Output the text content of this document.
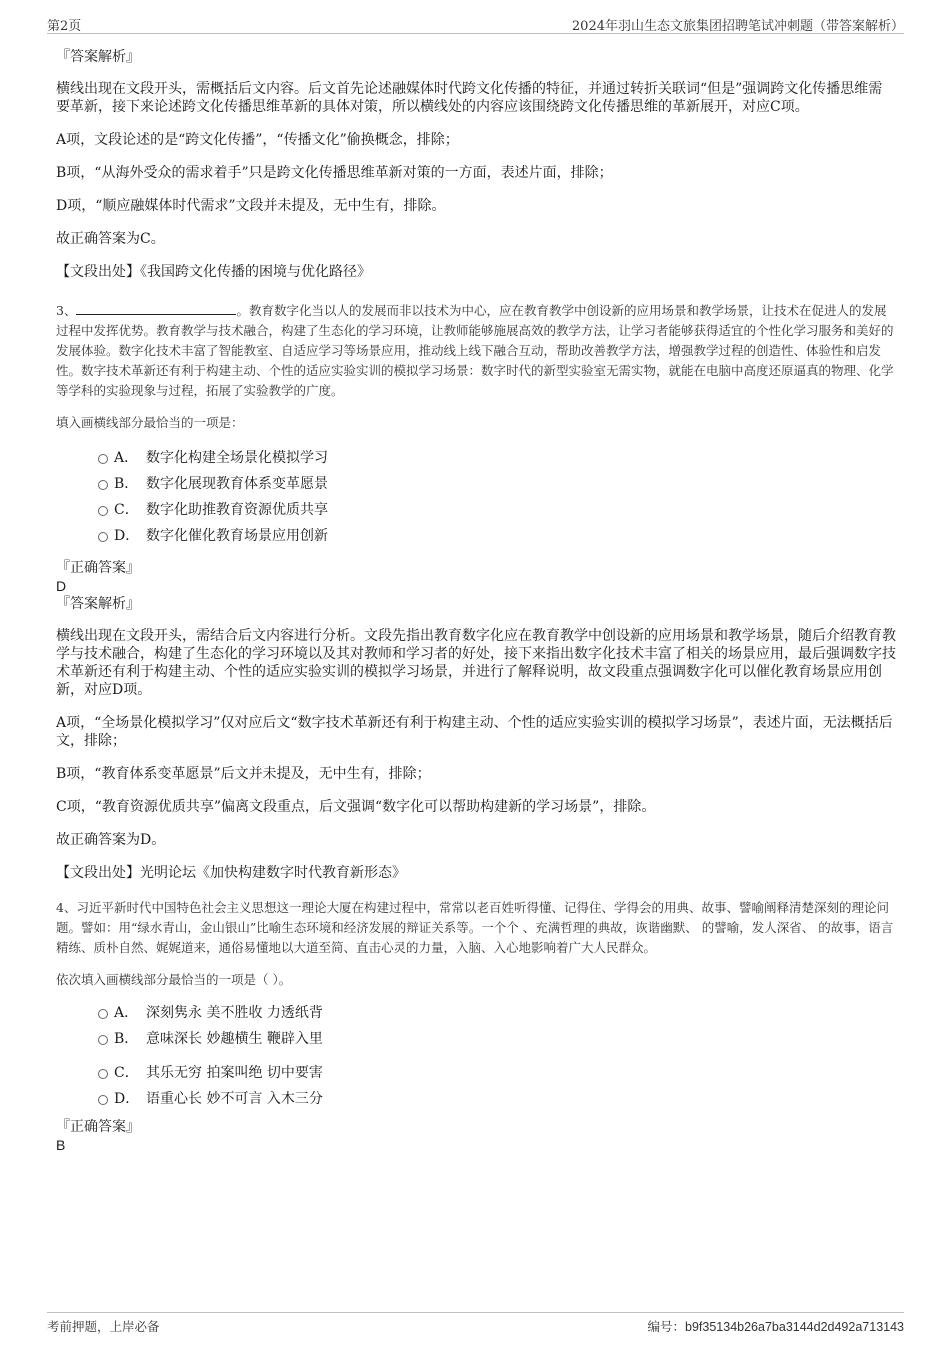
第2页	2024年羽山生态文旅集团招聘笔试冲刺题（带答案解析）

『答案解析』

横线出现在文段开头，需概括后文内容。后文首先论述融媒体时代跨文化传播的特征，并通过转折关联词“但是”强调跨文化传播思维需要革新，接下来论述跨文化传播思维革新的具体对策，所以横线处的内容应该围绕跨文化传播思维的革新展开，对应C项。

A项，文段论述的是“跨文化传播”，“传播文化”偷换概念，排除；

B项，“从海外受众的需求着手”只是跨文化传播思维革新对策的一方面，表述片面，排除；

D项，“顺应融媒体时代需求”文段并未提及，无中生有，排除。

故正确答案为C。

【文段出处】《我国跨文化传播的困境与优化路径》

3、	。教育数字化当以人的发展而非以技术为中心，应在教育教学中创设新的应用场景和教学场景，让技术在促进人的发展过程中发挥优势。教育教学与技术融合，构建了生态化的学习环境，让教师能够施展高效的教学方法，让学习者能够获得适宜的个性化学习服务和美好的发展体验。数字化技术丰富了智能教室、自适应学习等场景应用，推动线上线下融合互动，帮助改善教学方法，增强教学过程的创造性、体验性和启发性。数字技术革新还有利于构建主动、个性的适应实验实训的模拟学习场景：数字时代的新型实验室无需实物，就能在电脑中高度还原逼真的物理、化学等学科的实验现象与过程，拓展了实验教学的广度。

填入画横线部分最恰当的一项是：

A． 数字化构建全场景化模拟学习
B． 数字化展现教育体系变革愿景
C． 数字化助推教育资源优质共享
D． 数字化催化教育场景应用创新

『正确答案』

D

『答案解析』

横线出现在文段开头，需结合后文内容进行分析。文段先指出教育数字化应在教育教学中创设新的应用场景和教学场景，随后介绍教育教学与技术融合，构建了生态化的学习环境以及其对教师和学习者的好处，接下来指出数字化技术丰富了相关的场景应用，最后强调数字技术革新还有利于构建主动、个性的适应实验实训的模拟学习场景，并进行了解释说明，故文段重点强调数字化可以催化教育场景应用创新，对应D项。

A项，“全场景化模拟学习”仅对应后文“数字技术革新还有利于构建主动、个性的适应实验实训的模拟学习场景”，表述片面，无法概括后文，排除；

B项，“教育体系变革愿景”后文并未提及，无中生有，排除；

C项，“教育资源优质共享”偏离文段重点，后文强调“数字化可以帮助构建新的学习场景”，排除。

故正确答案为D。

【文段出处】光明论坛《加快构建数字时代教育新形态》

4、习近平新时代中国特色社会主义思想这一理论大厦在构建过程中，常常以老百姓听得懂、记得住、学得会的用典、故事、譬喻阐释清楚深刻的理论问题。譬如：用“绿水青山，金山银山”比喻生态环境和经济发展的辩证关系等。一个个 、充满哲理的典故，诙谐幽默、 的譬喻，发人深省、 的故事，语言精练、质朴自然、娓娓道来，通俗易懂地以大道至简、直击心灵的力量，入脑、入心地影响着广大人民群众。

依次填入画横线部分最恰当的一项是（ ）。

A． 深刻隽永 美不胜收 力透纸背
B． 意味深长 妙趣横生 鞭辟入里
C． 其乐无穷 拍案叫绝 切中要害
D． 语重心长 妙不可言 入木三分

『正确答案』

B

考前押题，上岸必备	编号：b9f35134b26a7ba3144d2d492a713143
